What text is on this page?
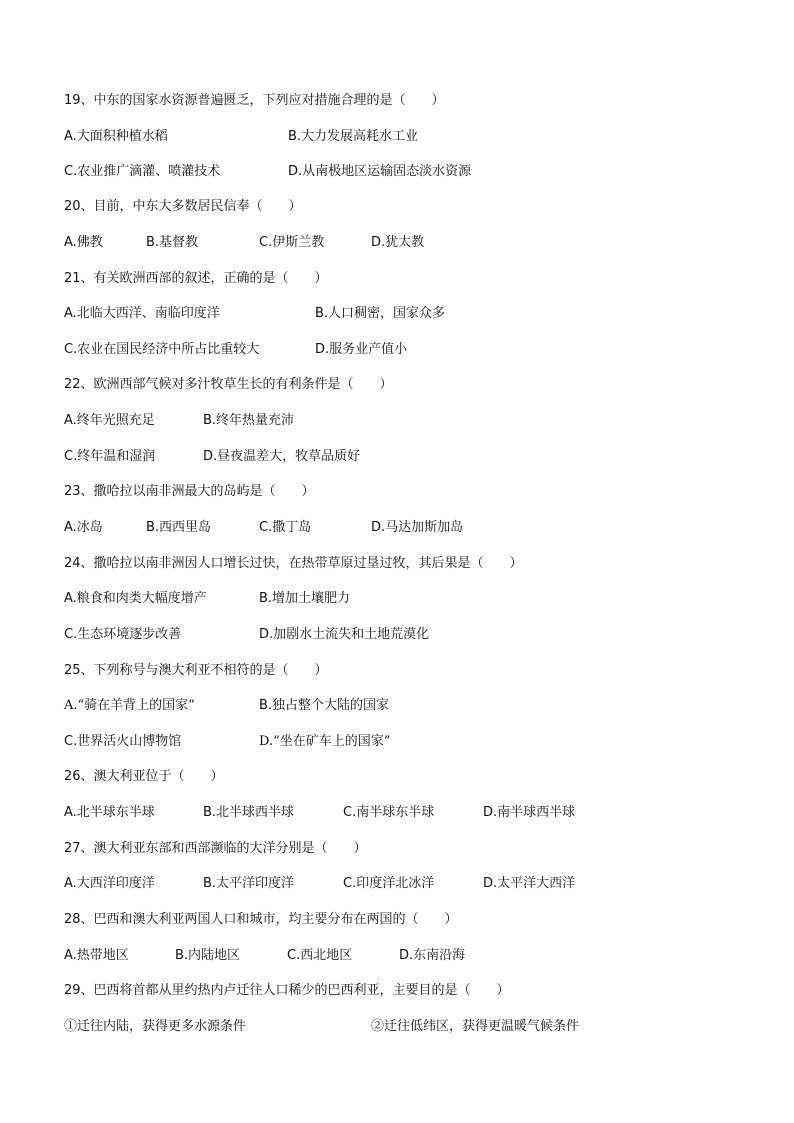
19、中东的国家水资源普遍匮乏，下列应对措施合理的是（　　）
A.大面积种植水稻	B.大力发展高耗水工业
C.农业推广滴灌、喷灌技术	D.从南极地区运输固态淡水资源
20、目前，中东大多数居民信奉（　　）
A.佛教	B.基督教	C.伊斯兰教	D.犹太教
21、有关欧洲西部的叙述，正确的是（　　）
A.北临大西洋、南临印度洋	B.人口稠密，国家众多
C.农业在国民经济中所占比重较大	D.服务业产值小
22、欧洲西部气候对多汁牧草生长的有利条件是（　　）
A.终年光照充足	B.终年热量充沛
C.终年温和湿润	D.昼夜温差大，牧草品质好
23、撒哈拉以南非洲最大的岛屿是（　　）
A.冰岛	B.西西里岛	C.撒丁岛	D.马达加斯加岛
24、撒哈拉以南非洲因人口增长过快，在热带草原过垦过牧，其后果是（　　）
A.粮食和肉类大幅度增产	B.增加土壤肥力
C.生态环境逐步改善	D.加剧水土流失和土地荒漠化
25、下列称号与澳大利亚不相符的是（　　）
A.“骑在羊背上的国家”	B.独占整个大陆的国家
C.世界活火山博物馆	D.“坐在矿车上的国家”
26、澳大利亚位于（　　）
A.北半球东半球	B.北半球西半球	C.南半球东半球	D.南半球西半球
27、澳大利亚东部和西部濒临的大洋分别是（　　）
A.大西洋印度洋	B.太平洋印度洋	C.印度洋北冰洋	D.太平洋大西洋
28、巴西和澳大利亚两国人口和城市，均主要分布在两国的（　　）
A.热带地区	B.内陆地区	C.西北地区	D.东南沿海
29、巴西将首都从里约热内卢迁往人口稀少的巴西利亚，主要目的是（　　）
①迁往内陆，获得更多水源条件	②迁往低纬区，获得更温暖气候条件
